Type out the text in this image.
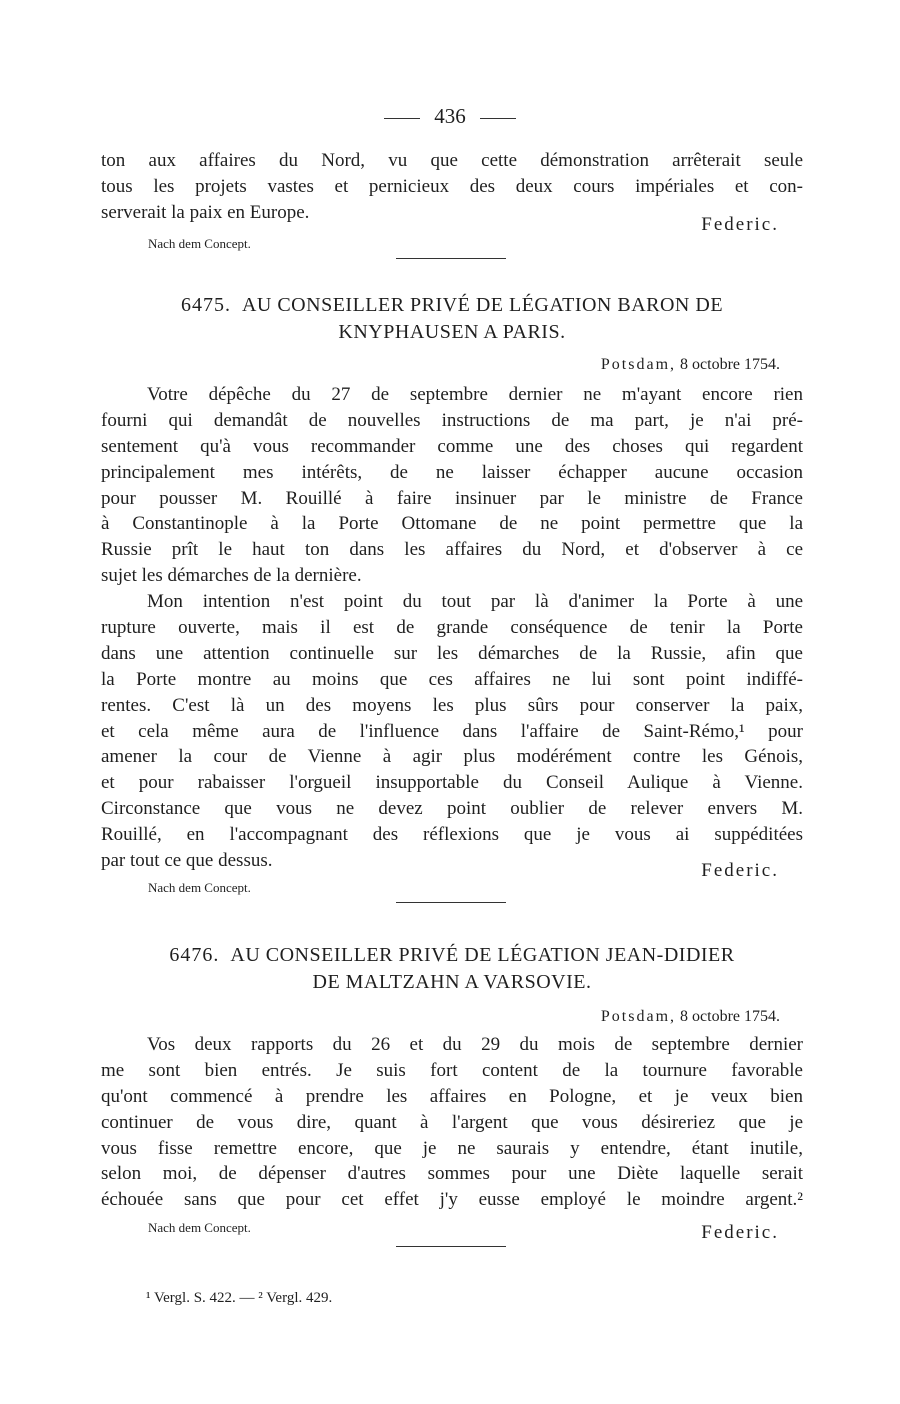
436
ton aux affaires du Nord, vu que cette démonstration arrêterait seule
tous les projets vastes et pernicieux des deux cours impériales et con-
serverait la paix en Europe.
Nach dem Concept.
Federic.
6475. AU CONSEILLER PRIVÉ DE LÉGATION BARON DE
KNYPHAUSEN A PARIS.
Potsdam, 8 octobre 1754.
Votre dépêche du 27 de septembre dernier ne m'ayant encore rien
fourni qui demandât de nouvelles instructions de ma part, je n'ai pré-
sentement qu'à vous recommander comme une des choses qui regardent
principalement mes intérêts, de ne laisser échapper aucune occasion
pour pousser M. Rouillé à faire insinuer par le ministre de France
à Constantinople à la Porte Ottomane de ne point permettre que la
Russie prît le haut ton dans les affaires du Nord, et d'observer à ce
sujet les démarches de la dernière.
Mon intention n'est point du tout par là d'animer la Porte à une
rupture ouverte, mais il est de grande conséquence de tenir la Porte
dans une attention continuelle sur les démarches de la Russie, afin que
la Porte montre au moins que ces affaires ne lui sont point indiffé-
rentes. C'est là un des moyens les plus sûrs pour conserver la paix,
et cela même aura de l'influence dans l'affaire de Saint-Rémo,¹ pour
amener la cour de Vienne à agir plus modérément contre les Génois,
et pour rabaisser l'orgueil insupportable du Conseil Aulique à Vienne.
Circonstance que vous ne devez point oublier de relever envers M.
Rouillé, en l'accompagnant des réflexions que je vous ai suppéditées
par tout ce que dessus.
Nach dem Concept.
Federic.
6476. AU CONSEILLER PRIVÉ DE LÉGATION JEAN-DIDIER
DE MALTZAHN A VARSOVIE.
Potsdam, 8 octobre 1754.
Vos deux rapports du 26 et du 29 du mois de septembre dernier
me sont bien entrés. Je suis fort content de la tournure favorable
qu'ont commencé à prendre les affaires en Pologne, et je veux bien
continuer de vous dire, quant à l'argent que vous désireriez que je
vous fisse remettre encore, que je ne saurais y entendre, étant inutile,
selon moi, de dépenser d'autres sommes pour une Diète laquelle serait
échouée sans que pour cet effet j'y eusse employé le moindre argent.²
Nach dem Concept.	Federic.
¹ Vergl. S. 422. — ² Vergl. 429.
